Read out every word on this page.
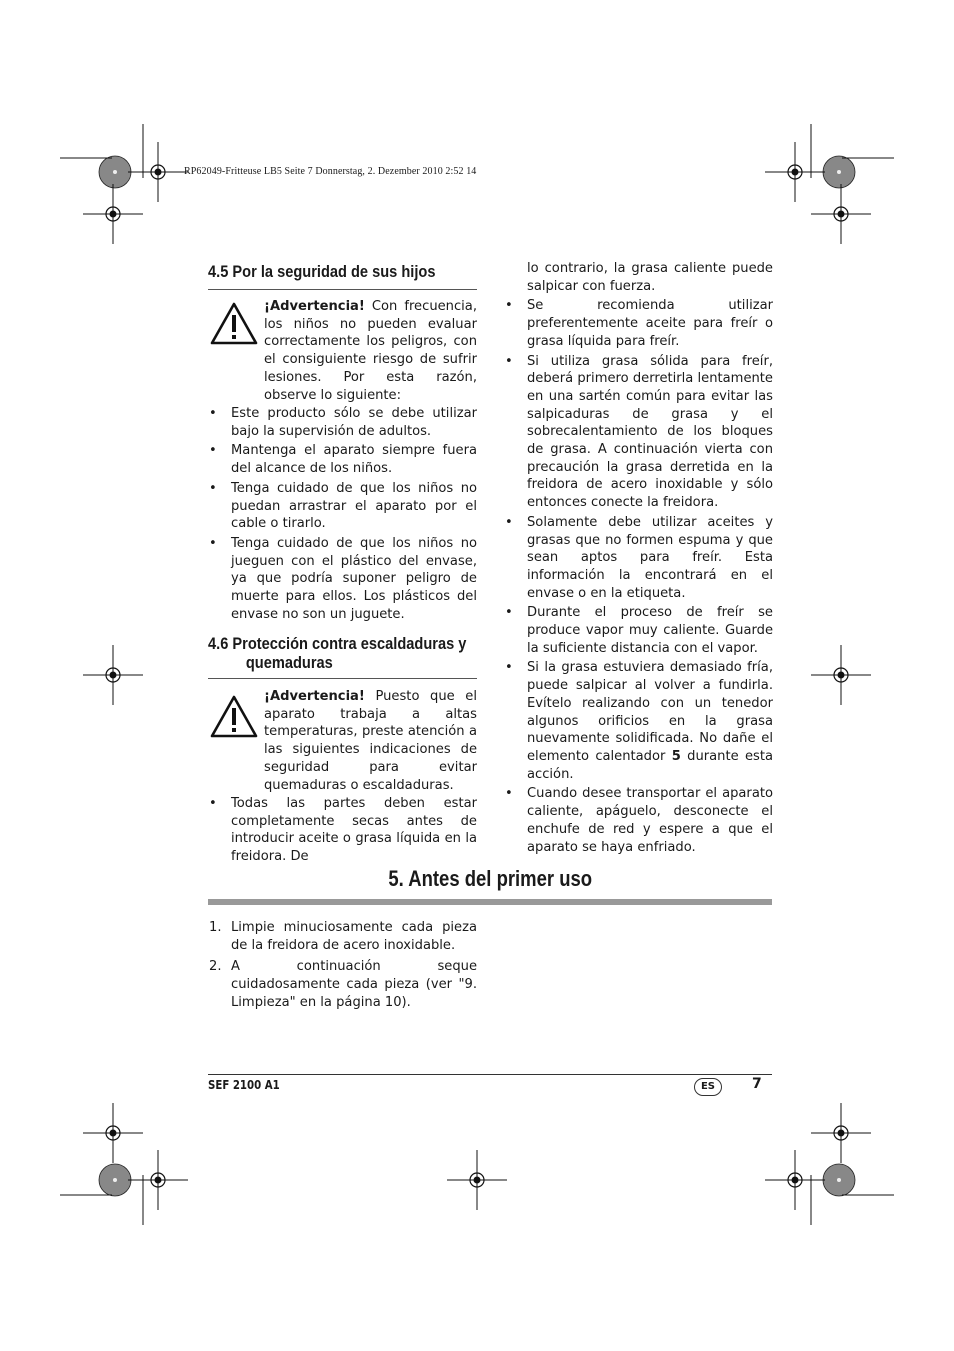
RP62049-Fritteuse LB5 Seite 7 Donnerstag, 2. Dezember 2010 2:52 14
4.5 Por la seguridad de sus hijos

¡Advertencia! Con frecuencia, los niños no pueden evaluar correctamente los peligros, con el consiguiente riesgo de sufrir lesiones. Por esta razón, observe lo siguiente:

• Este producto sólo se debe utilizar bajo la supervisión de adultos.
• Mantenga el aparato siempre fuera del alcance de los niños.
• Tenga cuidado de que los niños no puedan arrastrar el aparato por el cable o tirarlo.
• Tenga cuidado de que los niños no jueguen con el plástico del envase, ya que podría suponer peligro de muerte para ellos. Los plásticos del envase no son un juguete.
4.6 Protección contra escaldaduras y
quemaduras

¡Advertencia! Puesto que el aparato trabaja a altas temperaturas, preste atención a las siguientes indicaciones de seguridad para evitar quemaduras o escaldaduras.

• Todas las partes deben estar completamente secas antes de introducir aceite o grasa líquida en la freidora. De

lo contrario, la grasa caliente puede salpicar con fuerza.

• Se recomienda utilizar preferentemente aceite para freír o grasa líquida para freír.
• Si utiliza grasa sólida para freír, deberá primero derretirla lentamente en una sartén común para evitar las salpicaduras de grasa y el sobrecalentamiento de los bloques de grasa. A continuación vierta con precaución la grasa derretida en la freidora de acero inoxidable y sólo entonces conecte la freidora.
• Solamente debe utilizar aceites y grasas que no formen espuma y que sean aptos para freír. Esta información la encontrará en el envase o en la etiqueta.
• Durante el proceso de freír se produce vapor muy caliente. Guarde la suficiente distancia con el vapor.
• Si la grasa estuviera demasiado fría, puede salpicar al volver a fundirla. Evítelo realizando con un tenedor algunos orificios en la grasa nuevamente solidificada. No dañe el elemento calentador 5 durante esta acción.
• Cuando desee transportar el aparato caliente, apáguelo, desconecte el enchufe de red y espere a que el aparato se haya enfriado.
5. Antes del primer uso
1. Limpie minuciosamente cada pieza de la freidora de acero inoxidable.
2. A continuación seque cuidadosamente cada pieza (ver "9. Limpieza" en la página 10).
SEF 2100 A1	ES	7
